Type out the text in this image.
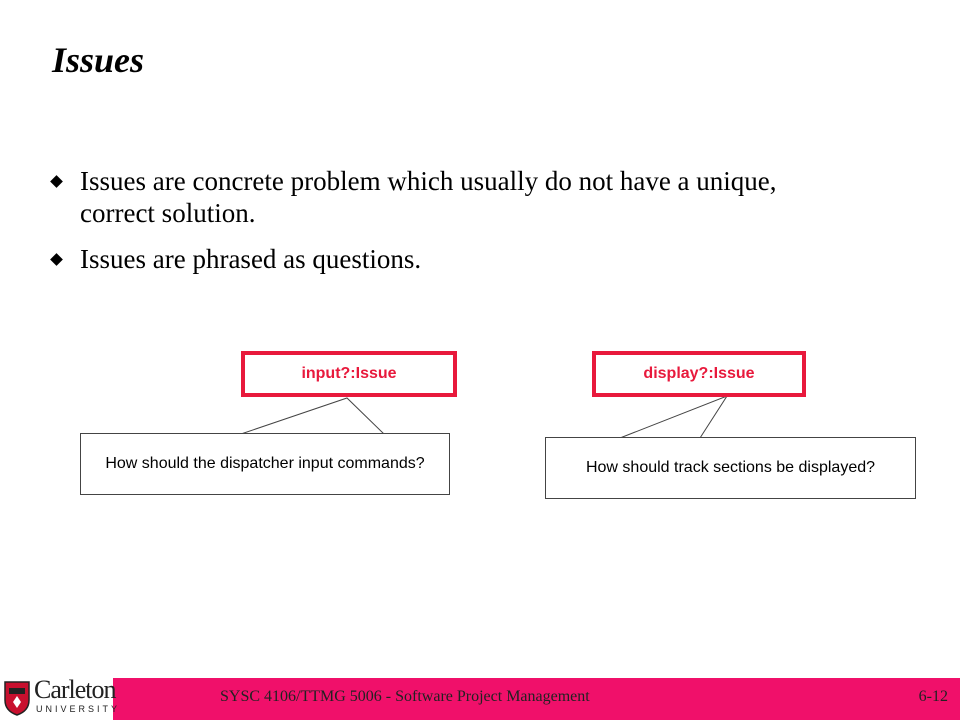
Issues
Issues are concrete problem which usually do not have a unique, correct solution.
Issues are phrased as questions.
input?:Issue	display?:Issue
How should the dispatcher input commands?	How should track sections be displayed?
SYSC 4106/TTMG 5006 - Software Project Management	6-12
Carleton
UNIVERSITY
